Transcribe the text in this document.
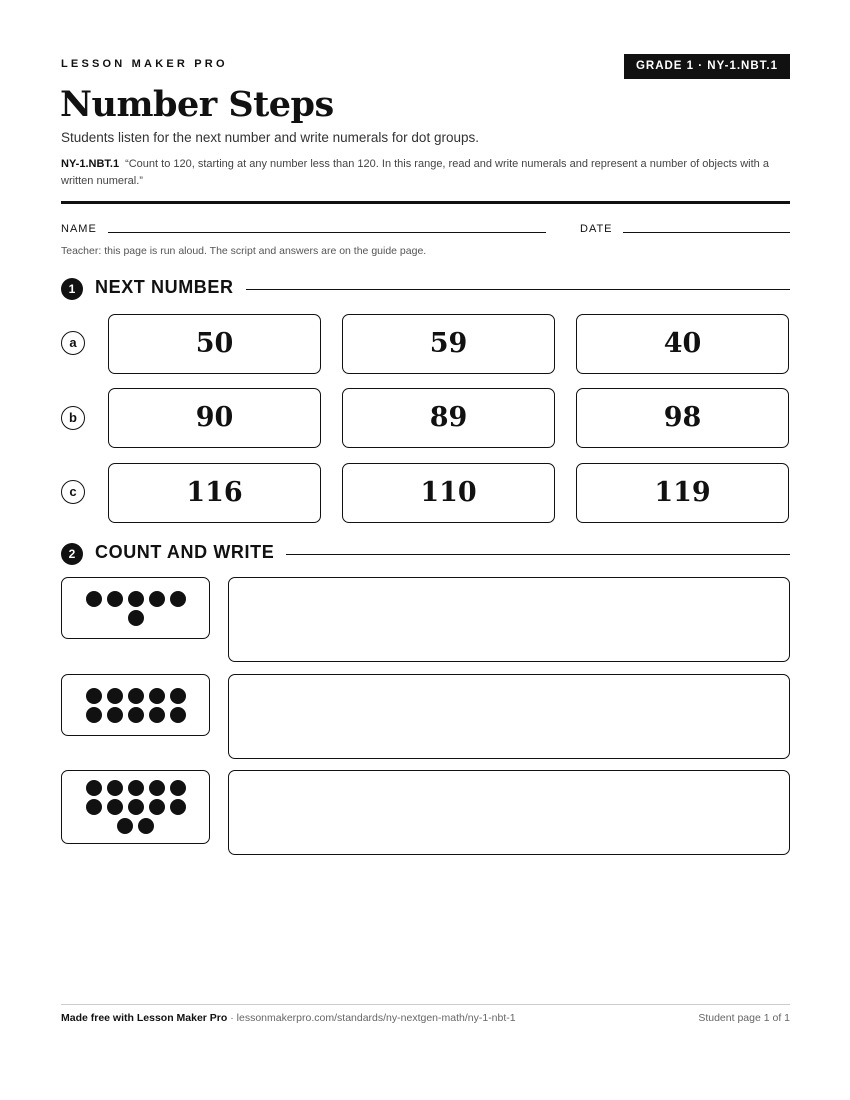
LESSON MAKER PRO	GRADE 1 · NY-1.NBT.1
Number Steps
Students listen for the next number and write numerals for dot groups.
NY-1.NBT.1 “Count to 120, starting at any number less than 120. In this range, read and write numerals and represent a number of objects with a written numeral.”
NAME	DATE
Teacher: this page is run aloud. The script and answers are on the guide page.
1	NEXT NUMBER
a	50	59	40
b	90	89	98
c	116	110	119
2	COUNT AND WRITE
Made free with Lesson Maker Pro · lessonmakerpro.com/standards/ny-nextgen-math/ny-1-nbt-1	Student page 1 of 1
